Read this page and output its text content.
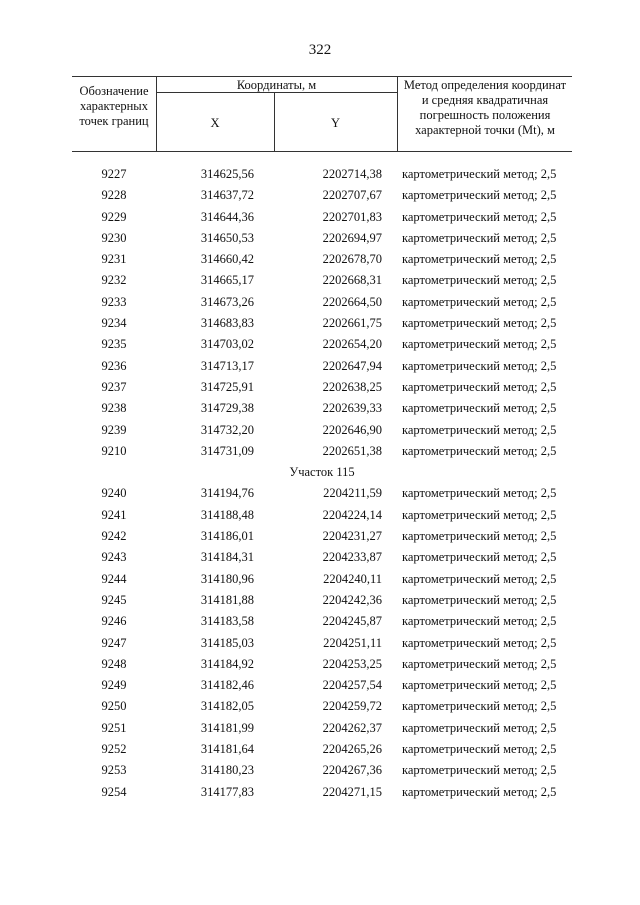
322
Обозначение характерных точек границ
Координаты, м
X	Y
Метод определения координат и средняя квадратичная погрешность положения характерной точки (Mt), м
9227	314625,56	2202714,38 картометрический метод; 2,5
9228	314637,72	2202707,67 картометрический метод; 2,5
9229	314644,36	2202701,83 картометрический метод; 2,5
9230	314650,53	2202694,97 картометрический метод; 2,5
9231	314660,42	2202678,70 картометрический метод; 2,5
9232	314665,17	2202668,31 картометрический метод; 2,5
9233	314673,26	2202664,50 картометрический метод; 2,5
9234	314683,83	2202661,75 картометрический метод; 2,5
9235	314703,02	2202654,20 картометрический метод; 2,5
9236	314713,17	2202647,94 картометрический метод; 2,5
9237	314725,91	2202638,25 картометрический метод; 2,5
9238	314729,38	2202639,33 картометрический метод; 2,5
9239	314732,20	2202646,90 картометрический метод; 2,5
9210	314731,09	2202651,38 картометрический метод; 2,5
Участок 115
9240	314194,76	2204211,59 картометрический метод; 2,5
9241	314188,48	2204224,14 картометрический метод; 2,5
9242	314186,01	2204231,27 картометрический метод; 2,5
9243	314184,31	2204233,87 картометрический метод; 2,5
9244	314180,96	2204240,11 картометрический метод; 2,5
9245	314181,88	2204242,36 картометрический метод; 2,5
9246	314183,58	2204245,87 картометрический метод; 2,5
9247	314185,03	2204251,11 картометрический метод; 2,5
9248	314184,92	2204253,25 картометрический метод; 2,5
9249	314182,46	2204257,54 картометрический метод; 2,5
9250	314182,05	2204259,72 картометрический метод; 2,5
9251	314181,99	2204262,37 картометрический метод; 2,5
9252	314181,64	2204265,26 картометрический метод; 2,5
9253	314180,23	2204267,36 картометрический метод; 2,5
9254	314177,83	2204271,15 картометрический метод; 2,5
